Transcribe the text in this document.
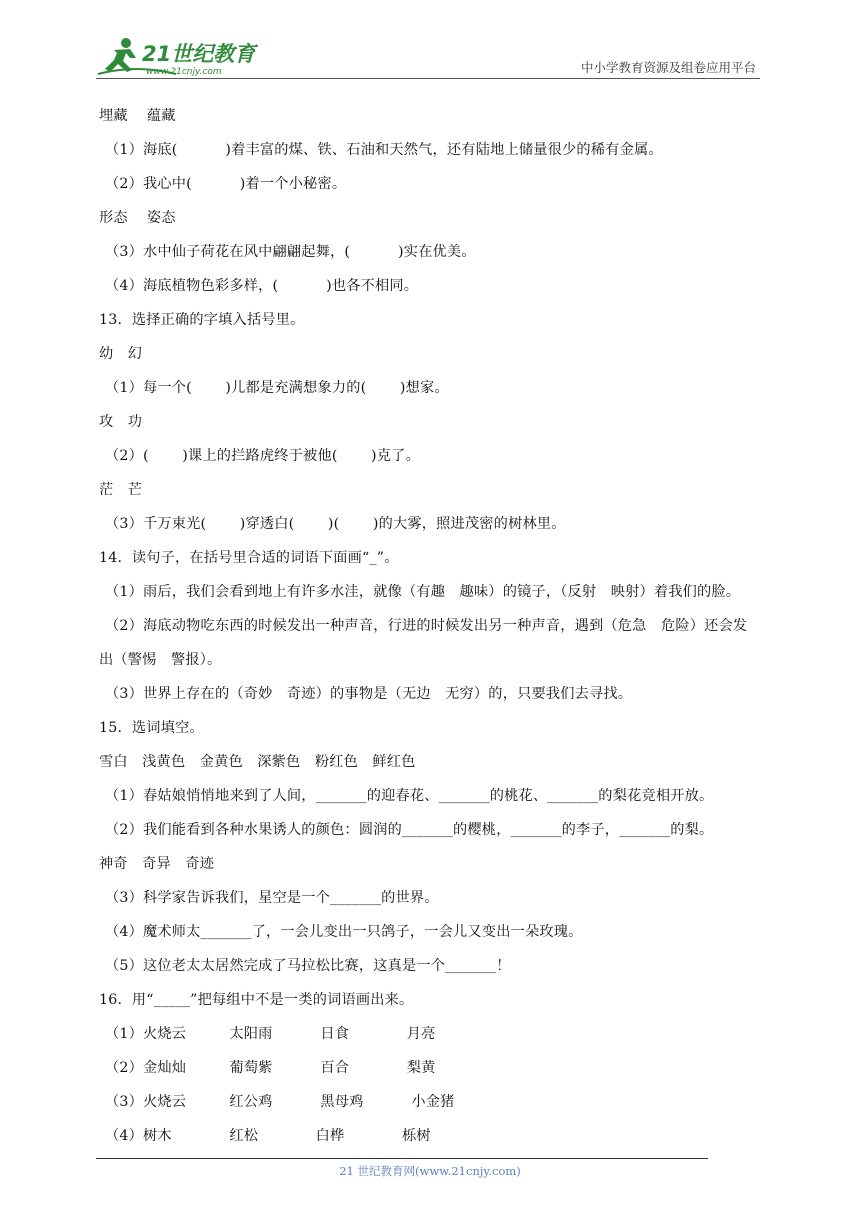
21世纪教育
www.21cnjy.com	中小学教育资源及组卷应用平台
埋藏　 蕴藏
（1）海底(　　　 )着丰富的煤、铁、石油和天然气，还有陆地上储量很少的稀有金属。
（2）我心中(　　　 )着一个小秘密。
形态　 姿态
（3）水中仙子荷花在风中翩翩起舞，(　　　 )实在优美。
（4）海底植物色彩多样，(　　　 )也各不相同。
13．选择正确的字填入括号里。
幼　幻
（1）每一个(　　 )儿都是充满想象力的(　　 )想家。
攻　功
（2）(　　 )课上的拦路虎终于被他(　　 )克了。
茫　芒
（3）千万束光(　　 )穿透白(　　 )(　　 )的大雾，照进茂密的树林里。
14．读句子，在括号里合适的词语下面画“_”。
（1）雨后，我们会看到地上有许多水洼，就像（有趣　趣味）的镜子，（反射　映射）着我们的脸。
（2）海底动物吃东西的时候发出一种声音，行进的时候发出另一种声音，遇到（危急　危险）还会发
出（警惕　警报）。
（3）世界上存在的（奇妙　奇迹）的事物是（无边　无穷）的，只要我们去寻找。
15．选词填空。
雪白　浅黄色　金黄色　深紫色　粉红色　鲜红色
（1）春姑娘悄悄地来到了人间，_______的迎春花、_______的桃花、_______的梨花竞相开放。
（2）我们能看到各种水果诱人的颜色：圆润的_______的樱桃，_______的李子，_______的梨。
神奇　奇异　奇迹
（3）科学家告诉我们，星空是一个_______的世界。
（4）魔术师太_______了，一会儿变出一只鸽子，一会儿又变出一朵玫瑰。
（5）这位老太太居然完成了马拉松比赛，这真是一个_______！
16．用“_____”把每组中不是一类的词语画出来。
（1）火烧云　　　太阳雨　　　 日食　　　　月亮
（2）金灿灿　　　葡萄紫　　　 百合　　　　梨黄
（3）火烧云　　　红公鸡　　　 黑母鸡　　　 小金猪
（4）树木　　　　红松　　　　白桦　　　　栎树
21 世纪教育网(www.21cnjy.com)
